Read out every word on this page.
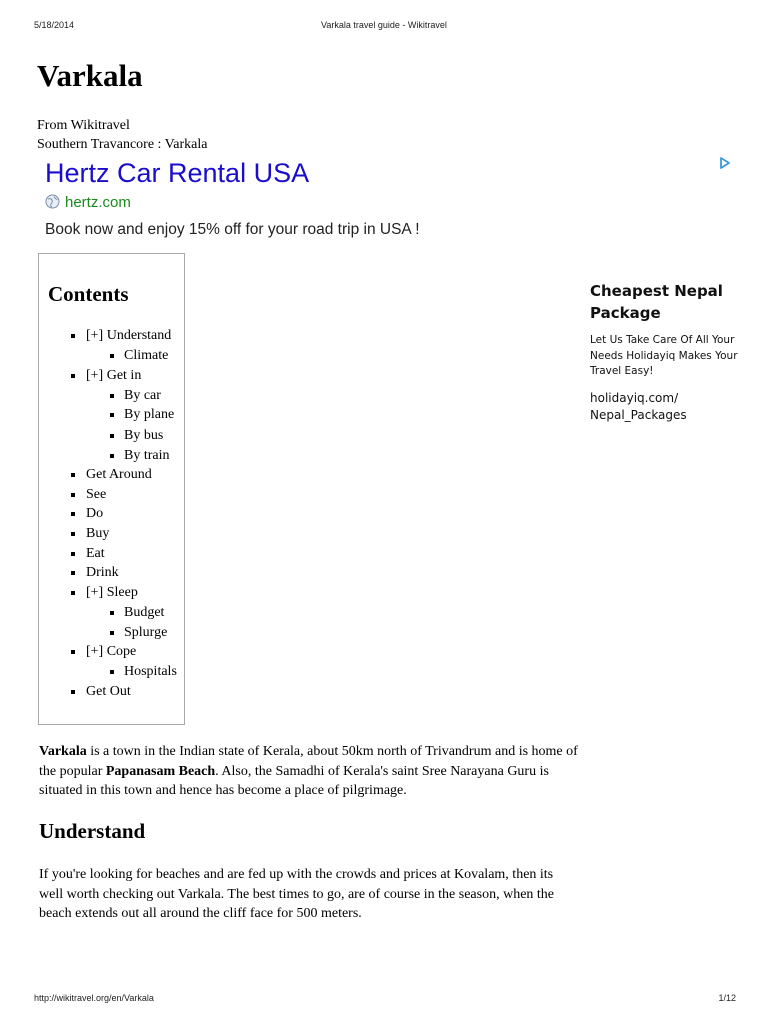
5/18/2014	Varkala travel guide - Wikitravel
Varkala
From Wikitravel
Southern Travancore : Varkala
Hertz Car Rental USA
hertz.com
Book now and enjoy 15% off for your road trip in USA !
Contents
[+] Understand
Climate
[+] Get in
By car
By plane
By bus
By train
Get Around
See
Do
Buy
Eat
Drink
[+] Sleep
Budget
Splurge
[+] Cope
Hospitals
Get Out
Cheapest Nepal Package
Let Us Take Care Of All Your Needs Holidayiq Makes Your Travel Easy!
holidayiq.com/ Nepal_Packages

Varkala is a town in the Indian state of Kerala, about 50km north of Trivandrum and is home of the popular Papanasam Beach. Also, the Samadhi of Kerala's saint Sree Narayana Guru is situated in this town and hence has become a place of pilgrimage.

Understand

If you're looking for beaches and are fed up with the crowds and prices at Kovalam, then its well worth checking out Varkala. The best times to go, are of course in the season, when the beach extends out all around the cliff face for 500 meters.

http://wikitravel.org/en/Varkala	1/12
